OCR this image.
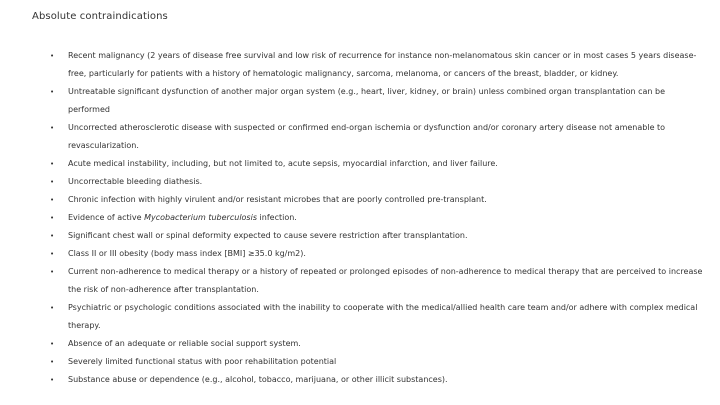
Absolute contraindications
• Recent malignancy (2 years of disease free survival and low risk of recurrence for instance non-melanomatous skin cancer or in most cases 5 years disease-free, particularly for patients with a history of hematologic malignancy, sarcoma, melanoma, or cancers of the breast, bladder, or kidney.
• Untreatable significant dysfunction of another major organ system (e.g., heart, liver, kidney, or brain) unless combined organ transplantation can be performed
• Uncorrected atherosclerotic disease with suspected or confirmed end-organ ischemia or dysfunction and/or coronary artery disease not amenable to revascularization.
• Acute medical instability, including, but not limited to, acute sepsis, myocardial infarction, and liver failure.
• Uncorrectable bleeding diathesis.
• Chronic infection with highly virulent and/or resistant microbes that are poorly controlled pre-transplant.
• Evidence of active Mycobacterium tuberculosis infection.
• Significant chest wall or spinal deformity expected to cause severe restriction after transplantation.
• Class II or III obesity (body mass index [BMI] ≥35.0 kg/m2).
• Current non-adherence to medical therapy or a history of repeated or prolonged episodes of non-adherence to medical therapy that are perceived to increase the risk of non-adherence after transplantation.
• Psychiatric or psychologic conditions associated with the inability to cooperate with the medical/allied health care team and/or adhere with complex medical therapy.
• Absence of an adequate or reliable social support system.
• Severely limited functional status with poor rehabilitation potential
• Substance abuse or dependence (e.g., alcohol, tobacco, marijuana, or other illicit substances).
